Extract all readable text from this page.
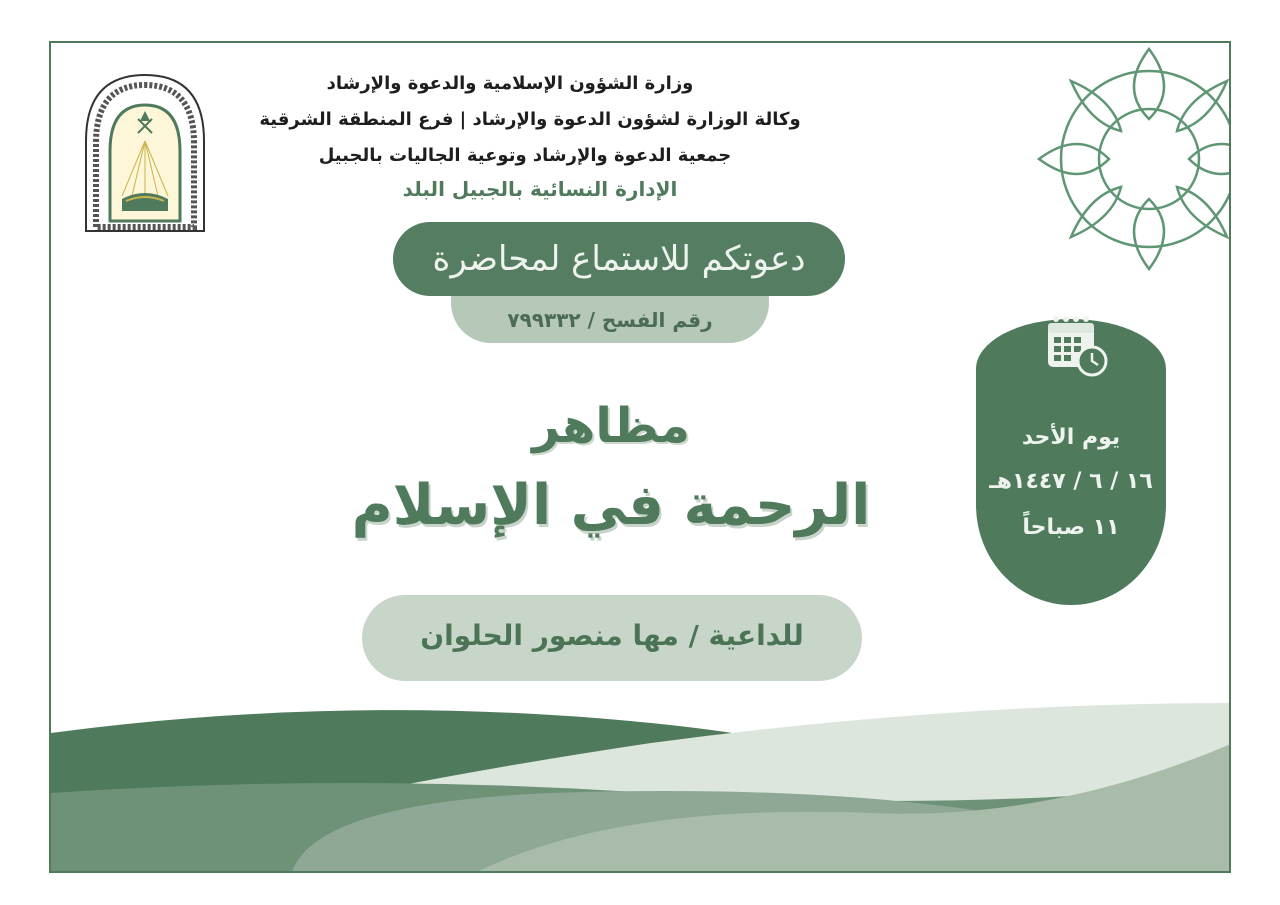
وزارة الشؤون الإسلامية والدعوة والإرشاد
وكالة الوزارة لشؤون الدعوة والإرشاد | فرع المنطقة الشرقية
جمعية الدعوة والإرشاد وتوعية الجاليات بالجبيل
الإدارة النسائية بالجبيل البلد
رقم الفسح / ٧٩٩٣٣٢
دعوتكم للاستماع لمحاضرة
مظاهر
الرحمة في الإسلام
للداعية / مها منصور الحلوان
يوم الأحد
١٦ / ٦ / ١٤٤٧هـ
١١ صباحاً
